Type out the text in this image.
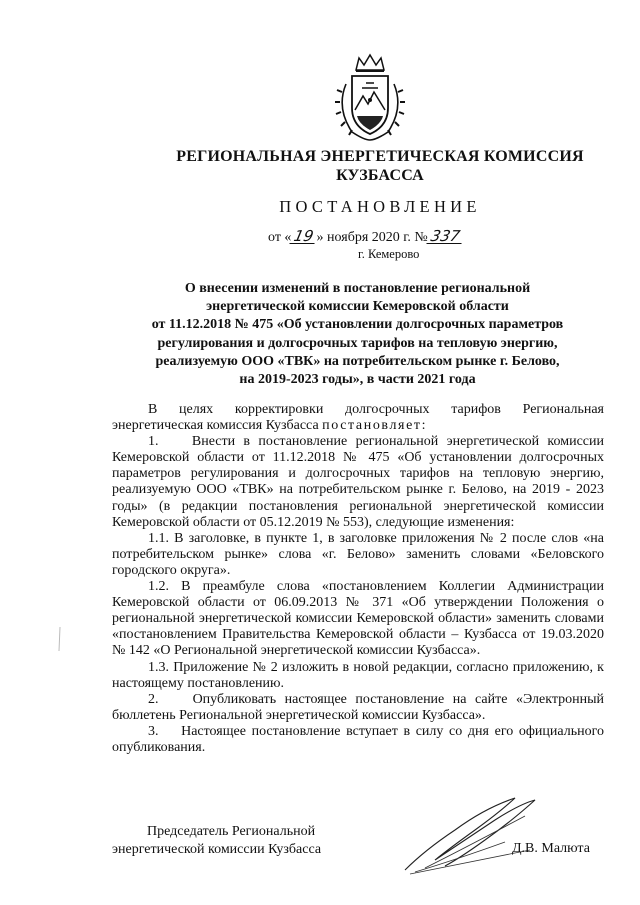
РЕГИОНАЛЬНАЯ ЭНЕРГЕТИЧЕСКАЯ КОМИССИЯ
КУЗБАССА
ПОСТАНОВЛЕНИЕ
от «19» ноября 2020 г. №337
г. Кемерово
О внесении изменений в постановление региональной
энергетической комиссии Кемеровской области
от 11.12.2018 № 475 «Об установлении долгосрочных параметров
регулирования и долгосрочных тарифов на тепловую энергию,
реализуемую ООО «ТВК» на потребительском рынке г. Белово,
на 2019-2023 годы», в части 2021 года

В целях корректировки долгосрочных тарифов Региональная энергетическая комиссия Кузбасса постановляет:

1.    Внести в постановление региональной энергетической комиссии Кемеровской области от 11.12.2018 № 475 «Об установлении долгосрочных параметров регулирования и долгосрочных тарифов на тепловую энергию, реализуемую ООО «ТВК» на потребительском рынке г. Белово, на 2019 - 2023 годы» (в редакции постановления региональной энергетической комиссии Кемеровской области от 05.12.2019 № 553), следующие изменения:

1.1. В заголовке, в пункте 1, в заголовке приложения № 2 после слов «на потребительском рынке» слова «г. Белово» заменить словами «Беловского городского округа».

1.2. В преамбуле слова «постановлением Коллегии Администрации Кемеровской области от 06.09.2013 № 371 «Об утверждении Положения о региональной энергетической комиссии Кемеровской области» заменить словами «постановлением Правительства Кемеровской области – Кузбасса от 19.03.2020 № 142 «О Региональной энергетической комиссии Кузбасса».

1.3. Приложение № 2 изложить в новой редакции, согласно приложению, к настоящему постановлению.

2.    Опубликовать настоящее постановление на сайте «Электронный бюллетень Региональной энергетической комиссии Кузбасса».

3.    Настоящее постановление вступает в силу со дня его официального опубликования.

Председатель Региональной
энергетической комиссии Кузбасса	Д.В. Малюта
